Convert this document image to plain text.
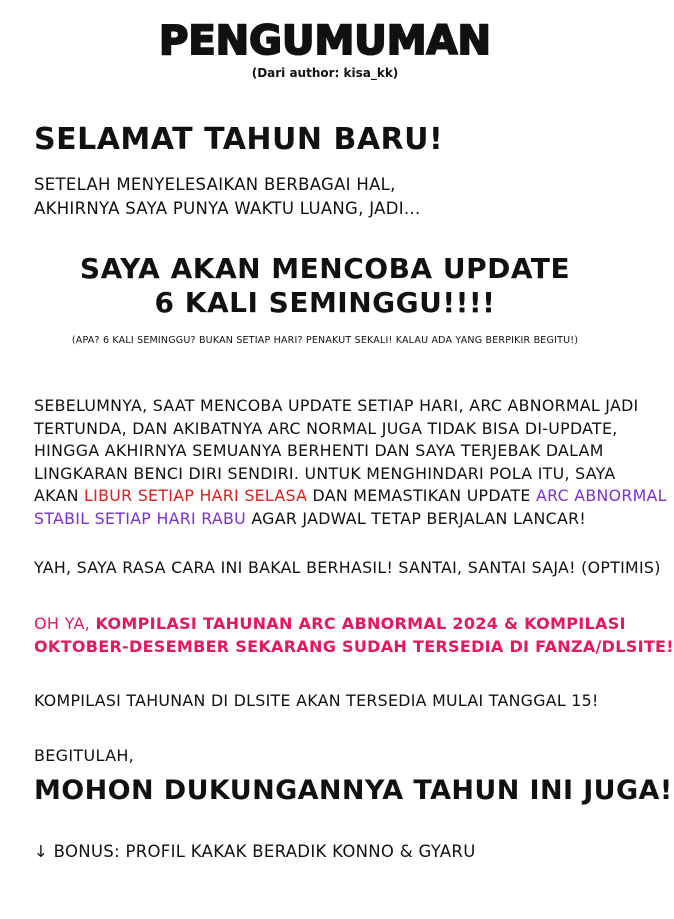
PENGUMUMAN
(Dari author: kisa_kk)
SELAMAT TAHUN BARU!
SETELAH MENYELESAIKAN BERBAGAI HAL,
AKHIRNYA SAYA PUNYA WAKTU LUANG, JADI...
SAYA AKAN MENCOBA UPDATE
6 KALI SEMINGGU!!!!
(APA? 6 KALI SEMINGGU? BUKAN SETIAP HARI? PENAKUT SEKALI! KALAU ADA YANG BERPIKIR BEGITU!)
SEBELUMNYA, SAAT MENCOBA UPDATE SETIAP HARI, ARC ABNORMAL JADI
TERTUNDA, DAN AKIBATNYA ARC NORMAL JUGA TIDAK BISA DI-UPDATE,
HINGGA AKHIRNYA SEMUANYA BERHENTI DAN SAYA TERJEBAK DALAM
LINGKARAN BENCI DIRI SENDIRI. UNTUK MENGHINDARI POLA ITU, SAYA
AKAN LIBUR SETIAP HARI SELASA DAN MEMASTIKAN UPDATE ARC ABNORMAL
STABIL SETIAP HARI RABU AGAR JADWAL TETAP BERJALAN LANCAR!
YAH, SAYA RASA CARA INI BAKAL BERHASIL! SANTAI, SANTAI SAJA! (OPTIMIS)
OH YA, KOMPILASI TAHUNAN ARC ABNORMAL 2024 & KOMPILASI
OKTOBER-DESEMBER SEKARANG SUDAH TERSEDIA DI FANZA/DLSITE!
KOMPILASI TAHUNAN DI DLSITE AKAN TERSEDIA MULAI TANGGAL 15!
BEGITULAH,
MOHON DUKUNGANNYA TAHUN INI JUGA!
↓ BONUS: PROFIL KAKAK BERADIK KONNO & GYARU
